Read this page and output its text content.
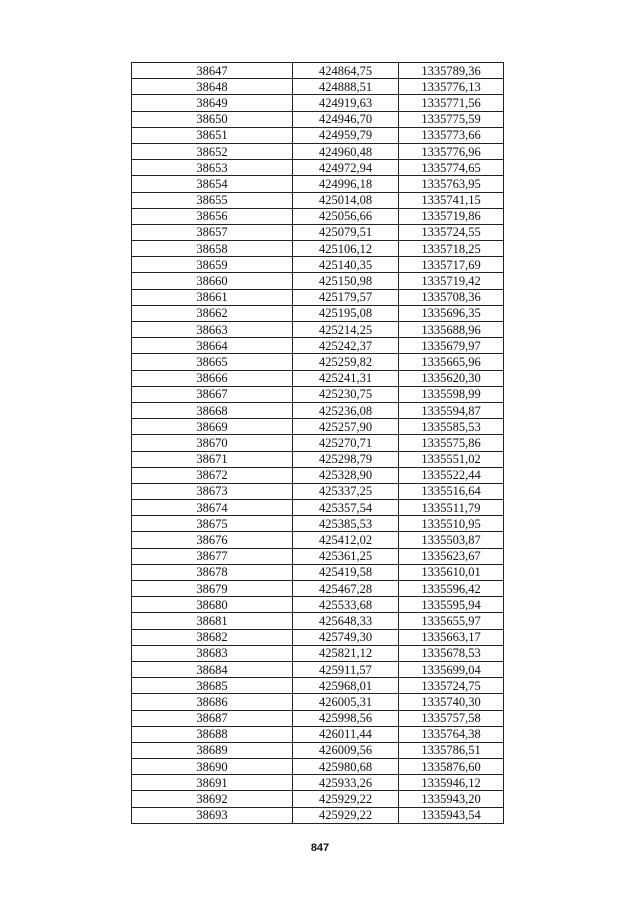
38647	424864,75	1335789,36
38648	424888,51	1335776,13
38649	424919,63	1335771,56
38650	424946,70	1335775,59
38651	424959,79	1335773,66
38652	424960,48	1335776,96
38653	424972,94	1335774,65
38654	424996,18	1335763,95
38655	425014,08	1335741,15
38656	425056,66	1335719,86
38657	425079,51	1335724,55
38658	425106,12	1335718,25
38659	425140,35	1335717,69
38660	425150,98	1335719,42
38661	425179,57	1335708,36
38662	425195,08	1335696,35
38663	425214,25	1335688,96
38664	425242,37	1335679,97
38665	425259,82	1335665,96
38666	425241,31	1335620,30
38667	425230,75	1335598,99
38668	425236,08	1335594,87
38669	425257,90	1335585,53
38670	425270,71	1335575,86
38671	425298,79	1335551,02
38672	425328,90	1335522,44
38673	425337,25	1335516,64
38674	425357,54	1335511,79
38675	425385,53	1335510,95
38676	425412,02	1335503,87
38677	425361,25	1335623,67
38678	425419,58	1335610,01
38679	425467,28	1335596,42
38680	425533,68	1335595,94
38681	425648,33	1335655,97
38682	425749,30	1335663,17
38683	425821,12	1335678,53
38684	425911,57	1335699,04
38685	425968,01	1335724,75
38686	426005,31	1335740,30
38687	425998,56	1335757,58
38688	426011,44	1335764,38
38689	426009,56	1335786,51
38690	425980,68	1335876,60
38691	425933,26	1335946,12
38692	425929,22	1335943,20
38693	425929,22	1335943,54
847
